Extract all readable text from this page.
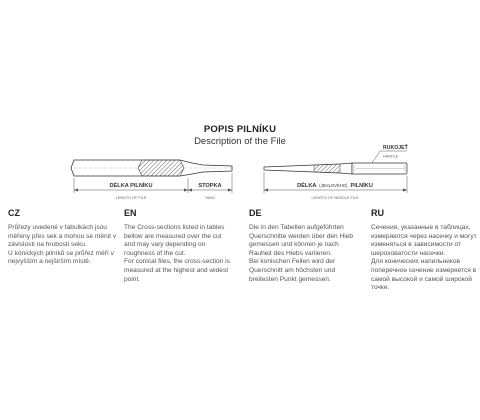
POPIS PILNÍKU
Description of the File
DÉLKA PILNÍKU	STOPKA
LENGTH OF FILE	TANG
RUKOJEŤ
HANDLE
DÉLKA (JEHLOVÉHO) PILNÍKU
LENGTH OF NEEDLE FILE
CZ
Průřezy uvedené v tabulkách jsou měřeny přes sek a mohou se měnit v závislosti na hrubosti seku.
U kónických pilníků se průřez měří v nejvyšším a nejširším místě.
EN
The Cross-sections listed in tables bellow are measured over the cut and may vary depending on roughness of the cut.
For conical files, the cross-section is measured at the highest and widest point.
DE
Die in den Tabellen aufgeführten Querschnitte werden über den Hieb gemessen und können je nach Rauheit des Hiebs variieren.
Bei konischen Feilen wird der Querschnitt am höchsten und breitesten Punkt gemessen.
RU
Сечения, указанные в таблицах, измеряются через насечку и могут изменяться в зависимости от шероховатости насечки.
Для конических напильников поперечное сечение измеряется в самой высокой и самой широкой точке.
